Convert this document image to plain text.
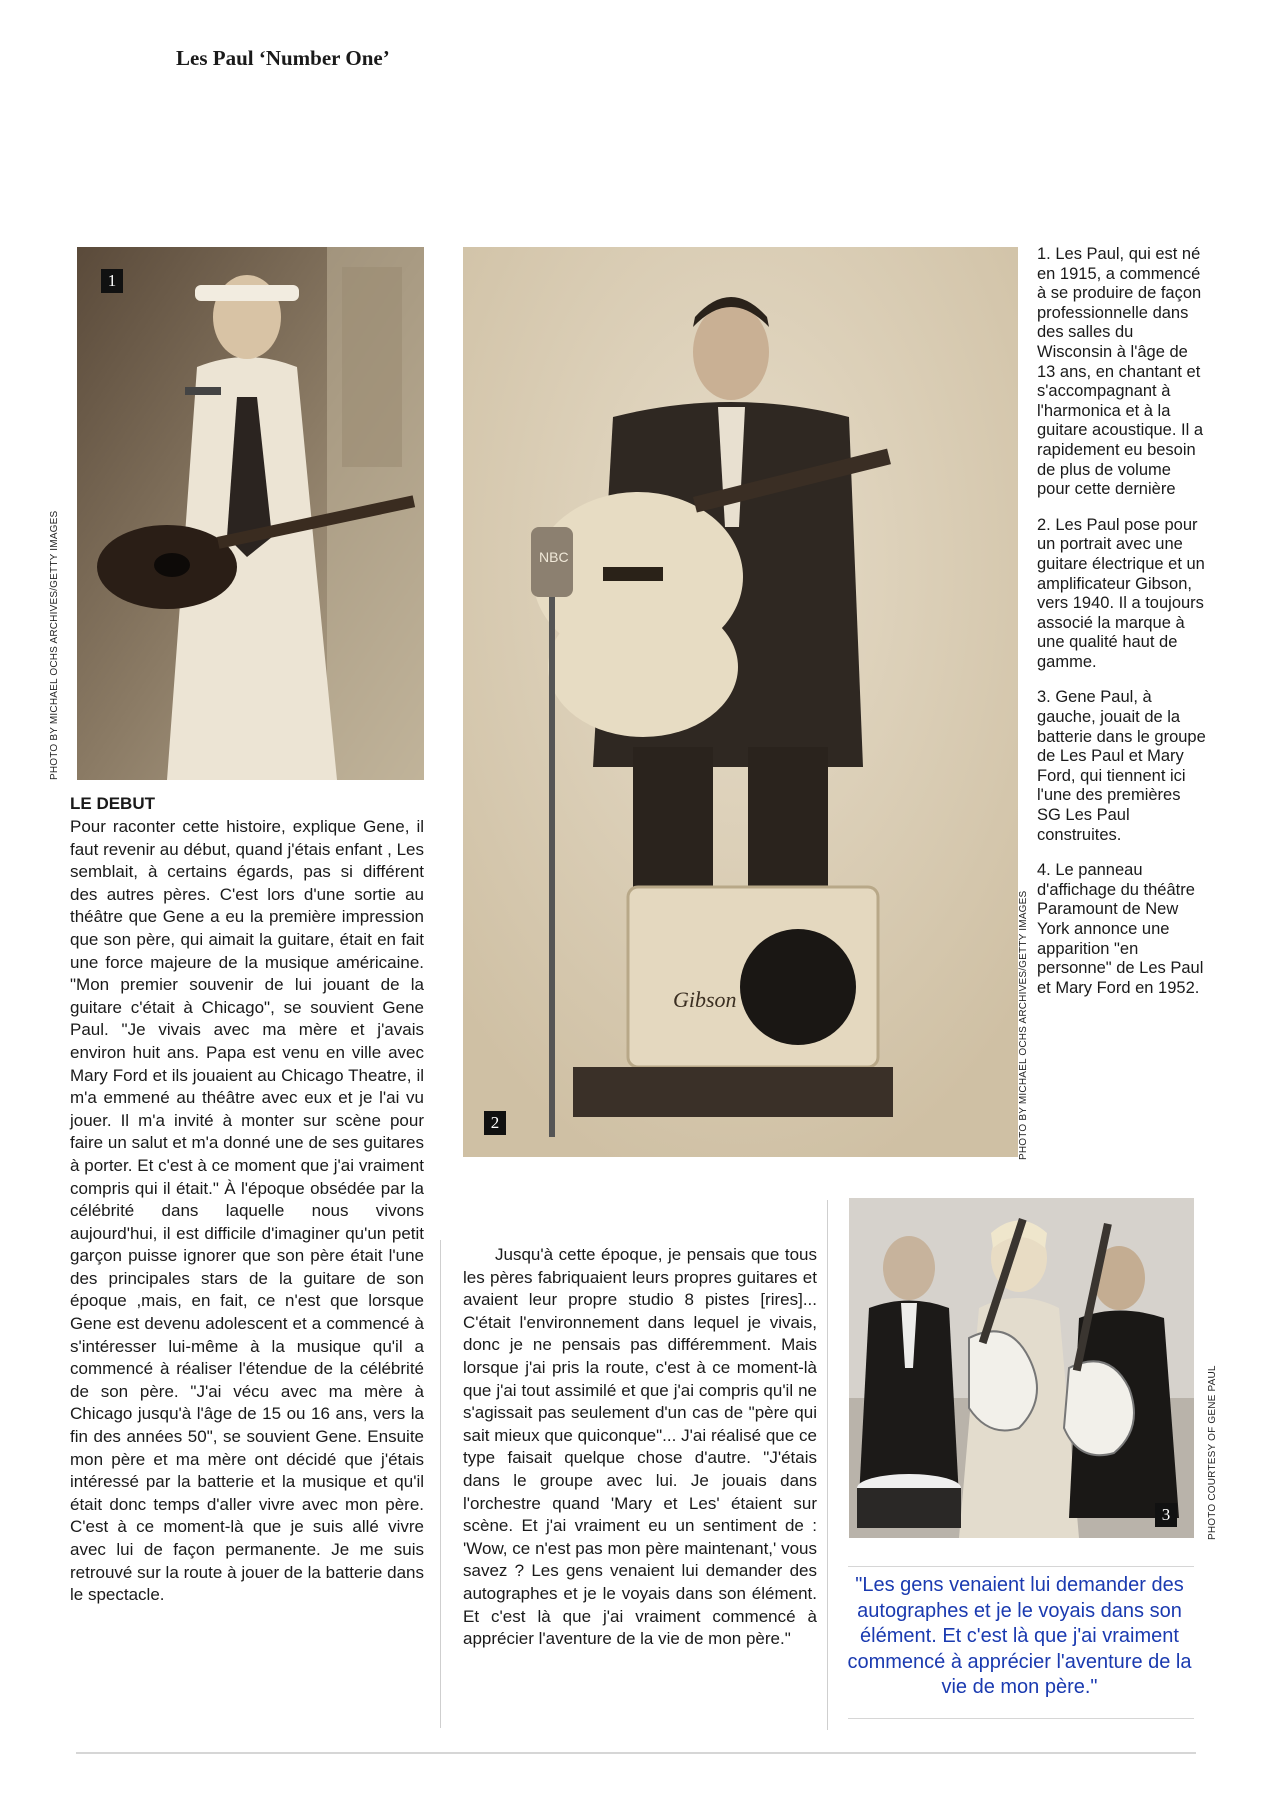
Les Paul ‘Number One’
1
PHOTO BY MICHAEL OCHS ARCHIVES/GETTY IMAGES
Gibson
NBC
2	PHOTO BY MICHAEL OCHS ARCHIVES/GETTY IMAGES

1. Les Paul, qui est né en 1915, a commencé à se produire de façon professionnelle dans des salles du Wisconsin à l'âge de 13 ans, en chantant et s'accompagnant à l'harmonica et à la guitare acoustique. Il a rapidement eu besoin de plus de volume pour cette dernière

2. Les Paul pose pour un portrait avec une guitare électrique et un amplificateur Gibson, vers 1940. Il a toujours associé la marque à une qualité haut de gamme.

3. Gene Paul, à gauche, jouait de la batterie dans le groupe de Les Paul et Mary Ford, qui tiennent ici l'une des premières SG Les Paul construites.

4. Le panneau d'affichage du théâtre Paramount de New York annonce une apparition "en personne" de Les Paul et Mary Ford en 1952.

LE DEBUT
Pour raconter cette histoire, explique Gene, il faut revenir au début, quand j'étais enfant , Les semblait, à certains égards, pas si différent des autres pères. C'est lors d'une sortie au théâtre que Gene a eu la première impression que son père, qui aimait la guitare, était en fait une force majeure de la musique américaine. "Mon premier souvenir de lui jouant de la guitare c'était à Chicago", se souvient Gene Paul. "Je vivais avec ma mère et j'avais environ huit ans. Papa est venu en ville avec Mary Ford et ils jouaient au Chicago Theatre, il m'a emmené au théâtre avec eux et je l'ai vu jouer. Il m'a invité à monter sur scène pour faire un salut et m'a donné une de ses guitares à porter. Et c'est à ce moment que j'ai vraiment compris qui il était." À l'époque obsédée par la célébrité dans laquelle nous vivons aujourd'hui, il est difficile d'imaginer qu'un petit garçon puisse ignorer que son père était l'une des principales stars de la guitare de son époque ,mais, en fait, ce n'est que lorsque Gene est devenu adolescent et a commencé à s'intéresser lui-même à la musique qu'il a commencé à réaliser l'étendue de la célébrité de son père. "J'ai vécu avec ma mère à Chicago jusqu'à l'âge de 15 ou 16 ans, vers la fin des années 50", se souvient Gene. Ensuite mon père et ma mère ont décidé que j'étais intéressé par la batterie et la musique et qu'il était donc temps d'aller vivre avec mon père. C'est à ce moment-là que je suis allé vivre avec lui de façon permanente. Je me suis retrouvé sur la route à jouer de la batterie dans le spectacle.
Jusqu'à cette époque, je pensais que tous les pères fabriquaient leurs propres guitares et avaient leur propre studio 8 pistes [rires]... C'était l'environnement dans lequel je vivais, donc je ne pensais pas différemment. Mais lorsque j'ai pris la route, c'est à ce moment-là que j'ai tout assimilé et que j'ai compris qu'il ne s'agissait pas seulement d'un cas de "père qui sait mieux que quiconque"... J'ai réalisé que ce type faisait quelque chose d'autre. "J'étais dans le groupe avec lui. Je jouais dans l'orchestre quand 'Mary et Les' étaient sur scène. Et j'ai vraiment eu un sentiment de : 'Wow, ce n'est pas mon père maintenant,' vous savez ? Les gens venaient lui demander des autographes et je le voyais dans son élément. Et c'est là que j'ai vraiment commencé à apprécier l'aventure de la vie de mon père."
3	PHOTO COURTESY OF GENE PAUL
"Les gens venaient lui demander des autographes et je le voyais dans son élément. Et c'est là que j'ai vraiment commencé à apprécier l'aventure de la vie de mon père."
